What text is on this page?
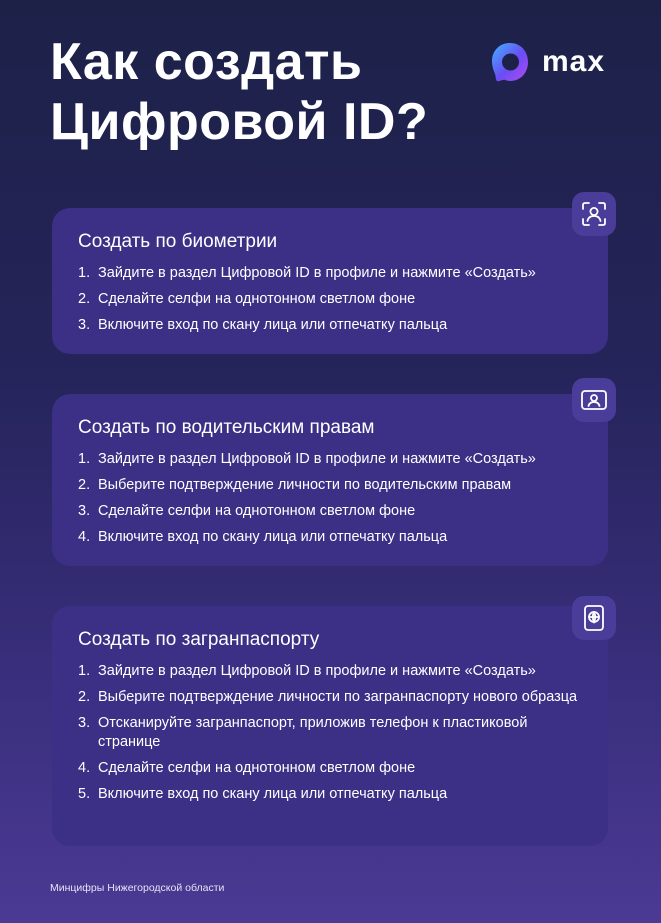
Как создать
Цифровой ID?
max
Создать по биометрии
1. Зайдите в раздел Цифровой ID в профиле и нажмите «Создать»
2. Сделайте селфи на однотонном светлом фоне
3. Включите вход по скану лица или отпечатку пальца
Создать по водительским правам
1. Зайдите в раздел Цифровой ID в профиле и нажмите «Создать»
2. Выберите подтверждение личности по водительским правам
3. Сделайте селфи на однотонном светлом фоне
4. Включите вход по скану лица или отпечатку пальца
Создать по загранпаспорту
1. Зайдите в раздел Цифровой ID в профиле и нажмите «Создать»
2. Выберите подтверждение личности по загранпаспорту нового образца
3. Отсканируйте загранпаспорт, приложив телефон к пластиковой странице
4. Сделайте селфи на однотонном светлом фоне
5. Включите вход по скану лица или отпечатку пальца
Минцифры Нижегородской области
